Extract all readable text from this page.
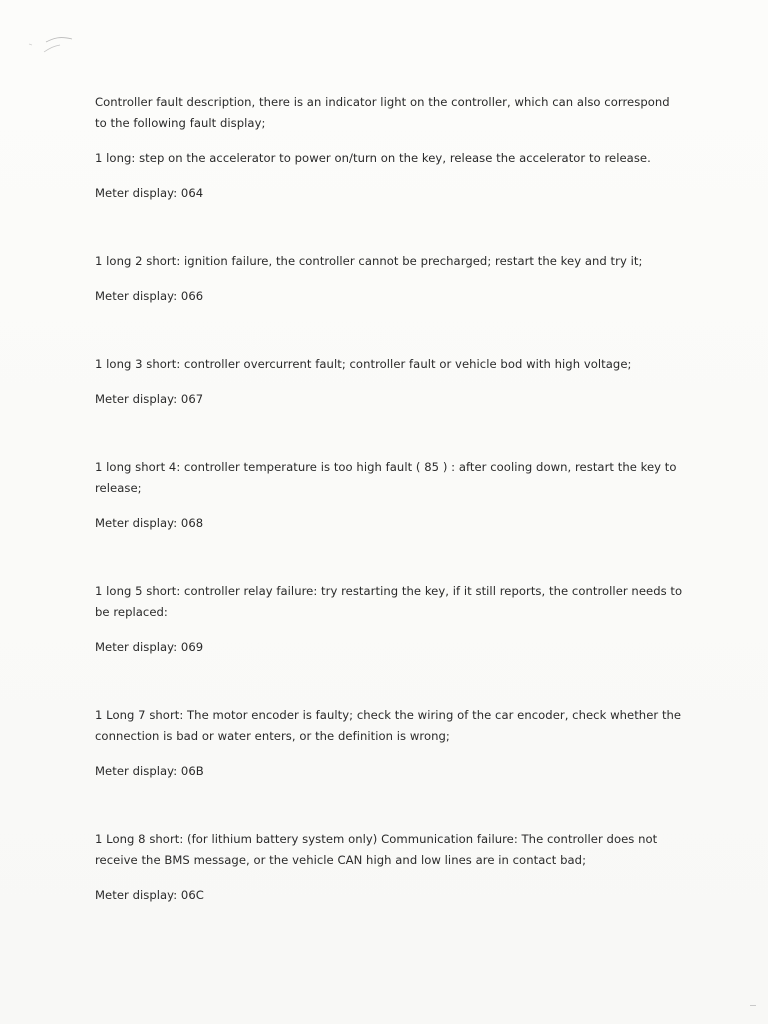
Controller fault description, there is an indicator light on the controller, which can also correspond to the following fault display;

1 long: step on the accelerator to power on/turn on the key, release the accelerator to release.

Meter display: 064

1 long 2 short: ignition failure, the controller cannot be precharged; restart the key and try it;

Meter display: 066

1 long 3 short: controller overcurrent fault; controller fault or vehicle bod with high voltage;

Meter display: 067

1 long short 4: controller temperature is too high fault ( 85 ) : after cooling down, restart the key to release;

Meter display: 068

1 long 5 short: controller relay failure: try restarting the key, if it still reports, the controller needs to be replaced:

Meter display: 069

1 Long 7 short: The motor encoder is faulty; check the wiring of the car encoder, check whether the connection is bad or water enters, or the definition is wrong;

Meter display: 06B

1 Long 8 short: (for lithium battery system only) Communication failure: The controller does not receive the BMS message, or the vehicle CAN high and low lines are in contact bad;

Meter display: 06C
